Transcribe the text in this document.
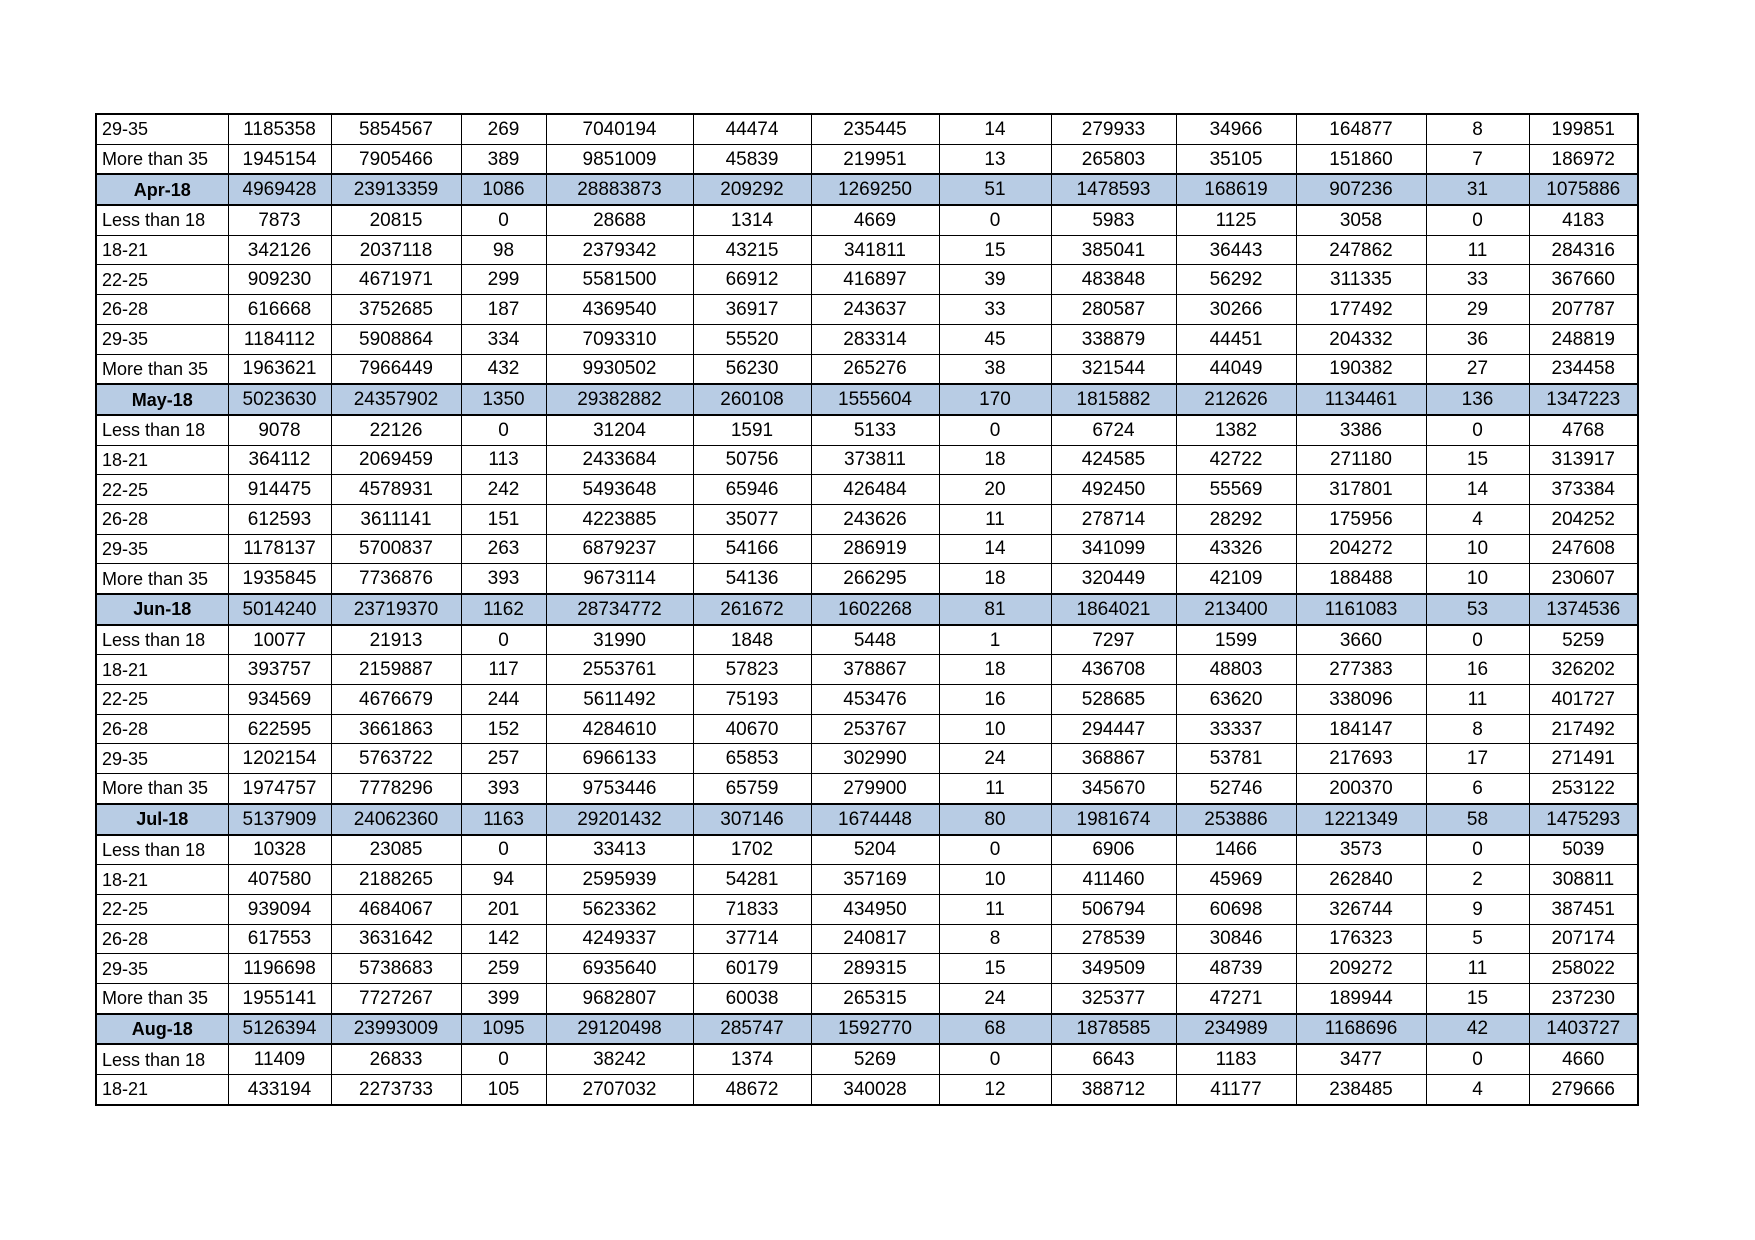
29-35	1185358	5854567	269	7040194	44474	235445	14	279933	34966	164877	8	199851
More than 35	1945154	7905466	389	9851009	45839	219951	13	265803	35105	151860	7	186972
Apr-18	4969428	23913359	1086	28883873	209292	1269250	51	1478593	168619	907236	31	1075886
Less than 18	7873	20815	0	28688	1314	4669	0	5983	1125	3058	0	4183
18-21	342126	2037118	98	2379342	43215	341811	15	385041	36443	247862	11	284316
22-25	909230	4671971	299	5581500	66912	416897	39	483848	56292	311335	33	367660
26-28	616668	3752685	187	4369540	36917	243637	33	280587	30266	177492	29	207787
29-35	1184112	5908864	334	7093310	55520	283314	45	338879	44451	204332	36	248819
More than 35	1963621	7966449	432	9930502	56230	265276	38	321544	44049	190382	27	234458
May-18	5023630	24357902	1350	29382882	260108	1555604	170	1815882	212626	1134461	136	1347223
Less than 18	9078	22126	0	31204	1591	5133	0	6724	1382	3386	0	4768
18-21	364112	2069459	113	2433684	50756	373811	18	424585	42722	271180	15	313917
22-25	914475	4578931	242	5493648	65946	426484	20	492450	55569	317801	14	373384
26-28	612593	3611141	151	4223885	35077	243626	11	278714	28292	175956	4	204252
29-35	1178137	5700837	263	6879237	54166	286919	14	341099	43326	204272	10	247608
More than 35	1935845	7736876	393	9673114	54136	266295	18	320449	42109	188488	10	230607
Jun-18	5014240	23719370	1162	28734772	261672	1602268	81	1864021	213400	1161083	53	1374536
Less than 18	10077	21913	0	31990	1848	5448	1	7297	1599	3660	0	5259
18-21	393757	2159887	117	2553761	57823	378867	18	436708	48803	277383	16	326202
22-25	934569	4676679	244	5611492	75193	453476	16	528685	63620	338096	11	401727
26-28	622595	3661863	152	4284610	40670	253767	10	294447	33337	184147	8	217492
29-35	1202154	5763722	257	6966133	65853	302990	24	368867	53781	217693	17	271491
More than 35	1974757	7778296	393	9753446	65759	279900	11	345670	52746	200370	6	253122
Jul-18	5137909	24062360	1163	29201432	307146	1674448	80	1981674	253886	1221349	58	1475293
Less than 18	10328	23085	0	33413	1702	5204	0	6906	1466	3573	0	5039
18-21	407580	2188265	94	2595939	54281	357169	10	411460	45969	262840	2	308811
22-25	939094	4684067	201	5623362	71833	434950	11	506794	60698	326744	9	387451
26-28	617553	3631642	142	4249337	37714	240817	8	278539	30846	176323	5	207174
29-35	1196698	5738683	259	6935640	60179	289315	15	349509	48739	209272	11	258022
More than 35	1955141	7727267	399	9682807	60038	265315	24	325377	47271	189944	15	237230
Aug-18	5126394	23993009	1095	29120498	285747	1592770	68	1878585	234989	1168696	42	1403727
Less than 18	11409	26833	0	38242	1374	5269	0	6643	1183	3477	0	4660
18-21	433194	2273733	105	2707032	48672	340028	12	388712	41177	238485	4	279666
